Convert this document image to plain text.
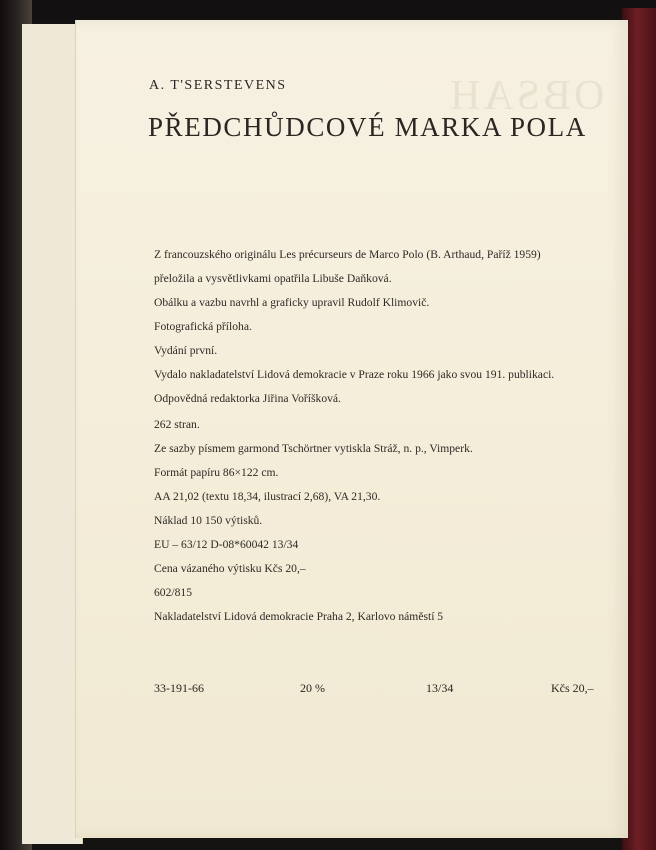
OBSAH

A. T'SERSTEVENS

PŘEDCHŮDCOVÉ MARKA POLA
Z francouzského originálu Les précurseurs de Marco Polo (B. Arthaud, Paříž 1959)
přeložila a vysvětlivkami opatřila Libuše Daňková.
Obálku a vazbu navrhl a graficky upravil Rudolf Klimovič.
Fotografická příloha.
Vydání první.
Vydalo nakladatelství Lidová demokracie v Praze roku 1966 jako svou 191. publikaci.
Odpovědná redaktorka Jiřina Voříšková.
262 stran.
Ze sazby písmem garmond Tschörtner vytiskla Stráž, n. p., Vimperk.
Formát papíru 86×122 cm.
AA 21,02 (textu 18,34, ilustrací 2,68), VA 21,30.
Náklad 10 150 výtisků.
EU – 63/12 D-08*60042 13/34
Cena vázaného výtisku Kčs 20,–
602/815
Nakladatelství Lidová demokracie Praha 2, Karlovo náměstí 5
33-191-66	20 %	13/34	Kčs 20,–
